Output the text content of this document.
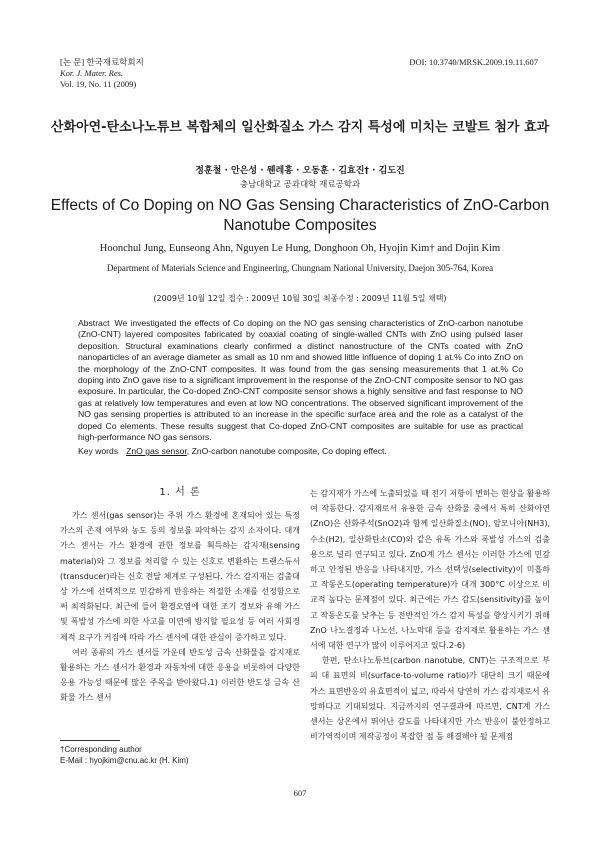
[논 문] 한국재료학회지
Kor. J. Mater. Res.
Vol. 19, No. 11 (2009)
DOI: 10.3740/MRSK.2009.19.11.607
산화아연-탄소나노튜브 복합체의 일산화질소 가스 감지 특성에 미치는 코발트 첨가 효과
정훈철 · 안은성 · 웬레홍 · 오동훈 · 김효진† · 김도진
충남대학교 공과대학 재료공학과
Effects of Co Doping on NO Gas Sensing Characteristics of ZnO-Carbon Nanotube Composites
Hoonchul Jung, Eunseong Ahn, Nguyen Le Hung, Donghoon Oh, Hyojin Kim† and Dojin Kim
Department of Materials Science and Engineering, Chungnam National University, Daejon 305-764, Korea
(2009년 10월 12일 접수 : 2009년 10월 30일 최종수정 : 2009년 11월 5일 채택)
Abstract We investigated the effects of Co doping on the NO gas sensing characteristics of ZnO-carbon nanotube (ZnO-CNT) layered composites fabricated by coaxial coating of single-walled CNTs with ZnO using pulsed laser deposition. Structural examinations clearly confirmed a distinct nanostructure of the CNTs coated with ZnO nanoparticles of an average diameter as small as 10 nm and showed little influence of doping 1 at.% Co into ZnO on the morphology of the ZnO-CNT composites. It was found from the gas sensing measurements that 1 at.% Co doping into ZnO gave rise to a significant improvement in the response of the ZnO-CNT composite sensor to NO gas exposure. In particular, the Co-doped ZnO-CNT composite sensor shows a highly sensitive and fast response to NO gas at relatively low temperatures and even at low NO concentrations. The observed significant improvement of the NO gas sensing properties is attributed to an increase in the specific surface area and the role as a catalyst of the doped Co elements. These results suggest that Co-doped ZnO-CNT composites are suitable for use as practical high-performance NO gas sensors.
Key words ZnO gas sensor, ZnO-carbon nanotube composite, Co doping effect.
1. 서 론

가스 센서(gas sensor)는 주위 가스 환경에 혼재되어 있는 특정 가스의 존재 여부와 농도 등의 정보를 파악하는 감지 소자이다. 대개 가스 센서는 가스 환경에 관한 정보를 획득하는 감지재(sensing material)와 그 정보를 처리할 수 있는 신호로 변환하는 트랜스듀서(transducer)라는 신호 전달 체계로 구성된다. 가스 감지재는 검출대상 가스에 선택적으로 민감하게 반응하는 적절한 소재를 선정함으로써 최적화된다. 최근에 들어 환경오염에 대한 조기 경보와 유해 가스 및 폭발성 가스에 의한 사고를 미연에 방지할 필요성 등 여러 사회경제적 요구가 커짐에 따라 가스 센서에 대한 관심이 증가하고 있다.

여러 종류의 가스 센서들 가운데 반도성 금속 산화물을 감지재로 활용하는 가스 센서가 환경과 자동차에 대한 응용을 비롯하여 다양한 응용 가능성 때문에 많은 주목을 받아왔다.1) 이러한 반도성 금속 산화물 가스 센서

는 감지재가 가스에 노출되었을 때 전기 저항이 변하는 현상을 활용하여 작동한다. 감지재로서 유용한 금속 산화물 중에서 특히 산화아연(ZnO)은 산화주석(SnO2)과 함께 일산화질소(NO), 암모니아(NH3), 수소(H2), 일산화탄소(CO)와 같은 유독 가스와 폭발성 가스의 검출용으로 널리 연구되고 있다. ZnO계 가스 센서는 이러한 가스에 민감하고 안정된 반응을 나타내지만, 가스 선택성(selectivity)이 미흡하고 작동온도(operating temperature)가 대개 300°C 이상으로 비교적 높다는 문제점이 있다. 최근에는 가스 감도(sensitivity)를 높이고 작동온도를 낮추는 등 전반적인 가스 감지 특성을 향상시키기 위해 ZnO 나노결정과 나노선, 나노막대 등을 감지재로 활용하는 가스 센서에 대한 연구가 많이 이루어지고 있다.2-6)

한편, 탄소나노튜브(carbon nanotube, CNT)는 구조적으로 부피 대 표면의 비(surface-to-volume ratio)가 대단히 크기 때문에 가스 표면반응의 유효면적이 넓고, 따라서 당연히 가스 감지재로서 유망하다고 기대되었다. 지금까지의 연구결과에 따르면, CNT계 가스 센서는 상온에서 뛰어난 감도를 나타내지만 가스 반응이 불안정하고 비가역적이며 제작공정이 복잡한 점 등 해결해야 될 문제점

†Corresponding author
E-Mail : hyojkim@cnu.ac.kr (H. Kim)
607
